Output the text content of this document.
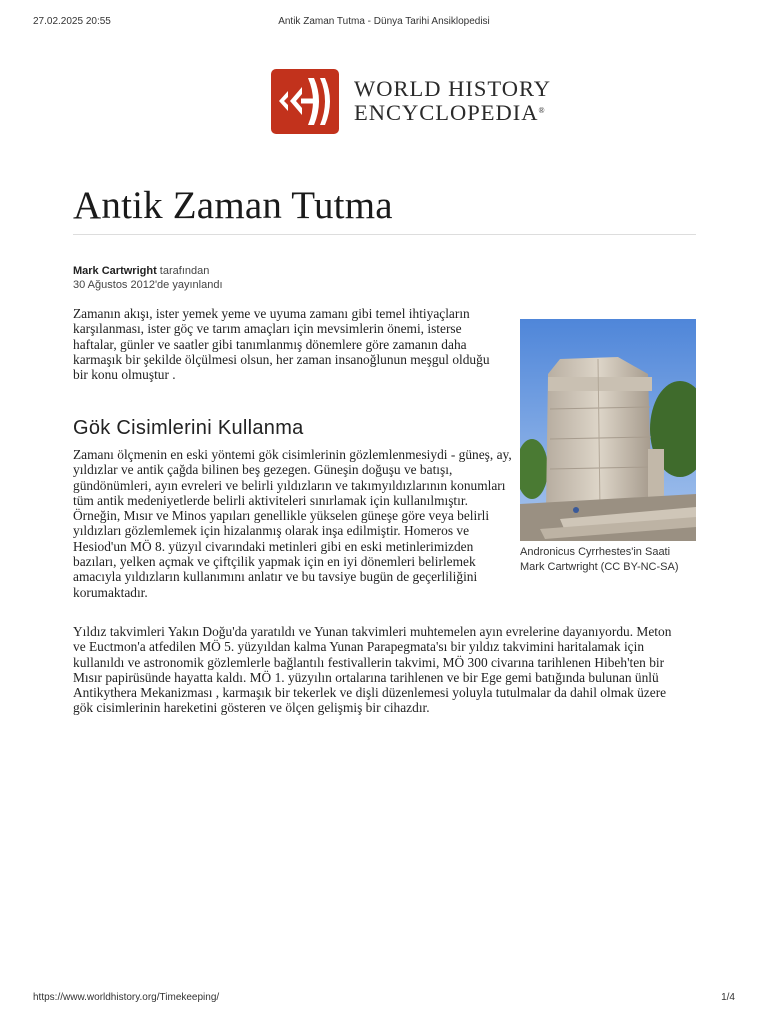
27.02.2025 20:55	Antik Zaman Tutma - Dünya Tarihi Ansiklopedisi
WORLD HISTORY
ENCYCLOPEDIA®
Antik Zaman Tutma
Mark Cartwright tarafından
30 Ağustos 2012'de yayınlandı

Zamanın akışı, ister yemek yeme ve uyuma zamanı gibi temel ihtiyaçların karşılanması, ister göç ve tarım amaçları için mevsimlerin önemi, isterse haftalar, günler ve saatler gibi tanımlanmış dönemlere göre zamanın daha karmaşık bir şekilde ölçülmesi olsun, her zaman insanoğlunun meşgul olduğu bir konu olmuştur .

Gök Cisimlerini Kullanma

Zamanı ölçmenin en eski yöntemi gök cisimlerinin gözlemlenmesiydi - güneş, ay, yıldızlar ve antik çağda bilinen beş gezegen. Güneşin doğuşu ve batışı, gündönümleri, ayın evreleri ve belirli yıldızların ve takımyıldızlarının konumları tüm antik medeniyetlerde belirli aktiviteleri sınırlamak için kullanılmıştır. Örneğin, Mısır ve Minos yapıları genellikle yükselen güneşe göre veya belirli yıldızları gözlemlemek için hizalanmış olarak inşa edilmiştir. Homeros ve Hesiod'un MÖ 8. yüzyıl civarındaki metinleri gibi en eski metinlerimizden bazıları, yelken açmak ve çiftçilik yapmak için en iyi dönemleri belirlemek amacıyla yıldızların kullanımını anlatır ve bu tavsiye bugün de geçerliliğini korumaktadır.

Yıldız takvimleri Yakın Doğu'da yaratıldı ve Yunan takvimleri muhtemelen ayın evrelerine dayanıyordu. Meton ve Euctmon'a atfedilen MÖ 5. yüzyıldan kalma Yunan Parapegmata'sı bir yıldız takvimini haritalamak için kullanıldı ve astronomik gözlemlerle bağlantılı festivallerin takvimi, MÖ 300 civarına tarihlenen Hibeh'ten bir Mısır papirüsünde hayatta kaldı. MÖ 1. yüzyılın ortalarına tarihlenen ve bir Ege gemi batığında bulunan ünlü Antikythera Mekanizması , karmaşık bir tekerlek ve dişli düzenlemesi yoluyla tutulmalar da dahil olmak üzere gök cisimlerinin hareketini gösteren ve ölçen gelişmiş bir cihazdır.

Andronicus Cyrrhestes'in Saati
Mark Cartwright (CC BY-NC-SA)
https://www.worldhistory.org/Timekeeping/	1/4
